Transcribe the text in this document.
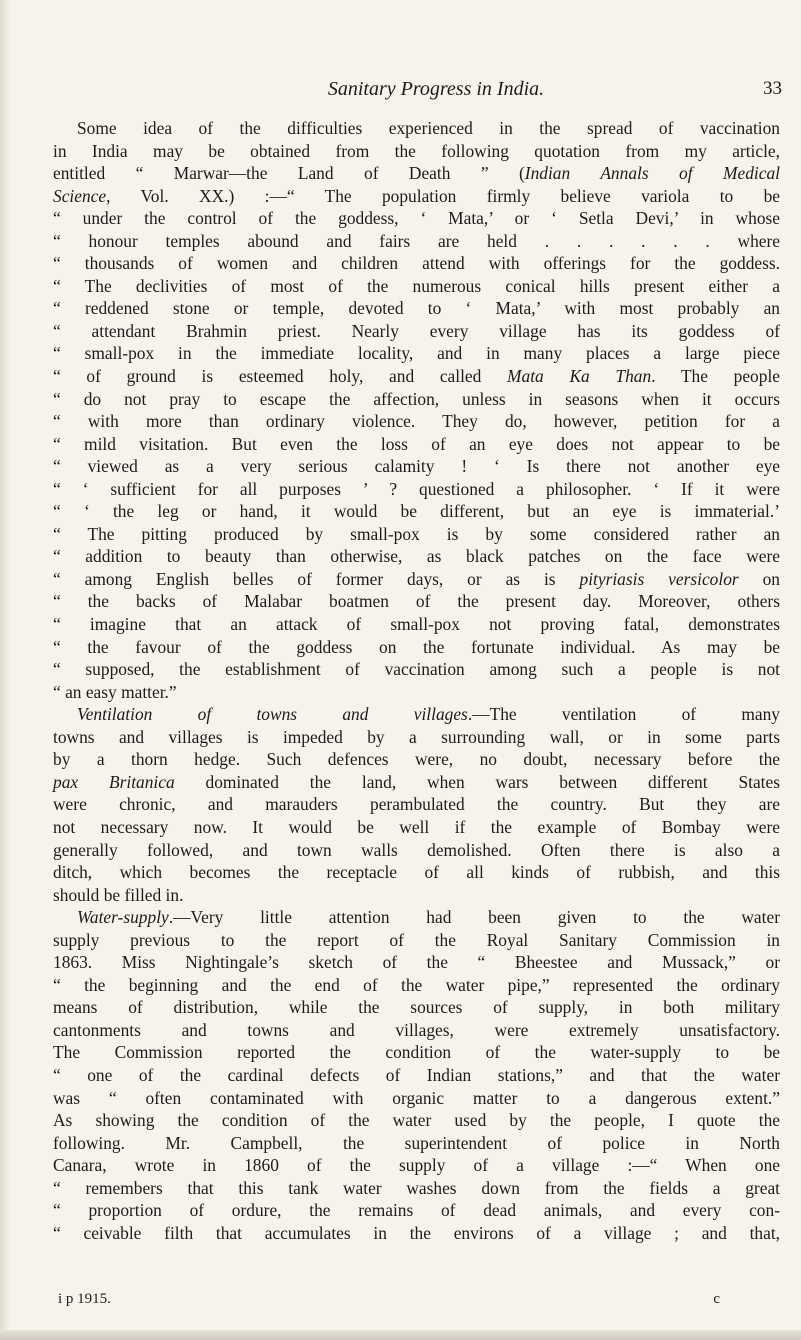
Sanitary Progress in India.	33
Some idea of the difficulties experienced in the spread of vaccination
in India may be obtained from the following quotation from my article,
entitled “ Marwar—the Land of Death ” (Indian Annals of Medical
Science, Vol. XX.) :—“ The population firmly believe variola to be
“ under the control of the goddess, ‘ Mata,’ or ‘ Setla Devi,’ in whose
“ honour temples abound and fairs are held . . . . . . where
“ thousands of women and children attend with offerings for the goddess.
“ The declivities of most of the numerous conical hills present either a
“ reddened stone or temple, devoted to ‘ Mata,’ with most probably an
“ attendant Brahmin priest. Nearly every village has its goddess of
“ small-pox in the immediate locality, and in many places a large piece
“ of ground is esteemed holy, and called Mata Ka Than. The people
“ do not pray to escape the affection, unless in seasons when it occurs
“ with more than ordinary violence. They do, however, petition for a
“ mild visitation. But even the loss of an eye does not appear to be
“ viewed as a very serious calamity ! ‘ Is there not another eye
“ ‘ sufficient for all purposes ’ ? questioned a philosopher. ‘ If it were
“ ‘ the leg or hand, it would be different, but an eye is immaterial.’
“ The pitting produced by small-pox is by some considered rather an
“ addition to beauty than otherwise, as black patches on the face were
“ among English belles of former days, or as is pityriasis versicolor on
“ the backs of Malabar boatmen of the present day. Moreover, others
“ imagine that an attack of small-pox not proving fatal, demonstrates
“ the favour of the goddess on the fortunate individual. As may be
“ supposed, the establishment of vaccination among such a people is not
“ an easy matter.”
Ventilation of towns and villages.—The ventilation of many
towns and villages is impeded by a surrounding wall, or in some parts
by a thorn hedge. Such defences were, no doubt, necessary before the
pax Britanica dominated the land, when wars between different States
were chronic, and marauders perambulated the country. But they are
not necessary now. It would be well if the example of Bombay were
generally followed, and town walls demolished. Often there is also a
ditch, which becomes the receptacle of all kinds of rubbish, and this
should be filled in.
Water-supply.—Very little attention had been given to the water
supply previous to the report of the Royal Sanitary Commission in
1863. Miss Nightingale’s sketch of the “ Bheestee and Mussack,” or
“ the beginning and the end of the water pipe,” represented the ordinary
means of distribution, while the sources of supply, in both military
cantonments and towns and villages, were extremely unsatisfactory.
The Commission reported the condition of the water-supply to be
“ one of the cardinal defects of Indian stations,” and that the water
was “ often contaminated with organic matter to a dangerous extent.”
As showing the condition of the water used by the people, I quote the
following. Mr. Campbell, the superintendent of police in North
Canara, wrote in 1860 of the supply of a village :—“ When one
“ remembers that this tank water washes down from the fields a great
“ proportion of ordure, the remains of dead animals, and every con-
“ ceivable filth that accumulates in the environs of a village ; and that,
i p 1915.	c
